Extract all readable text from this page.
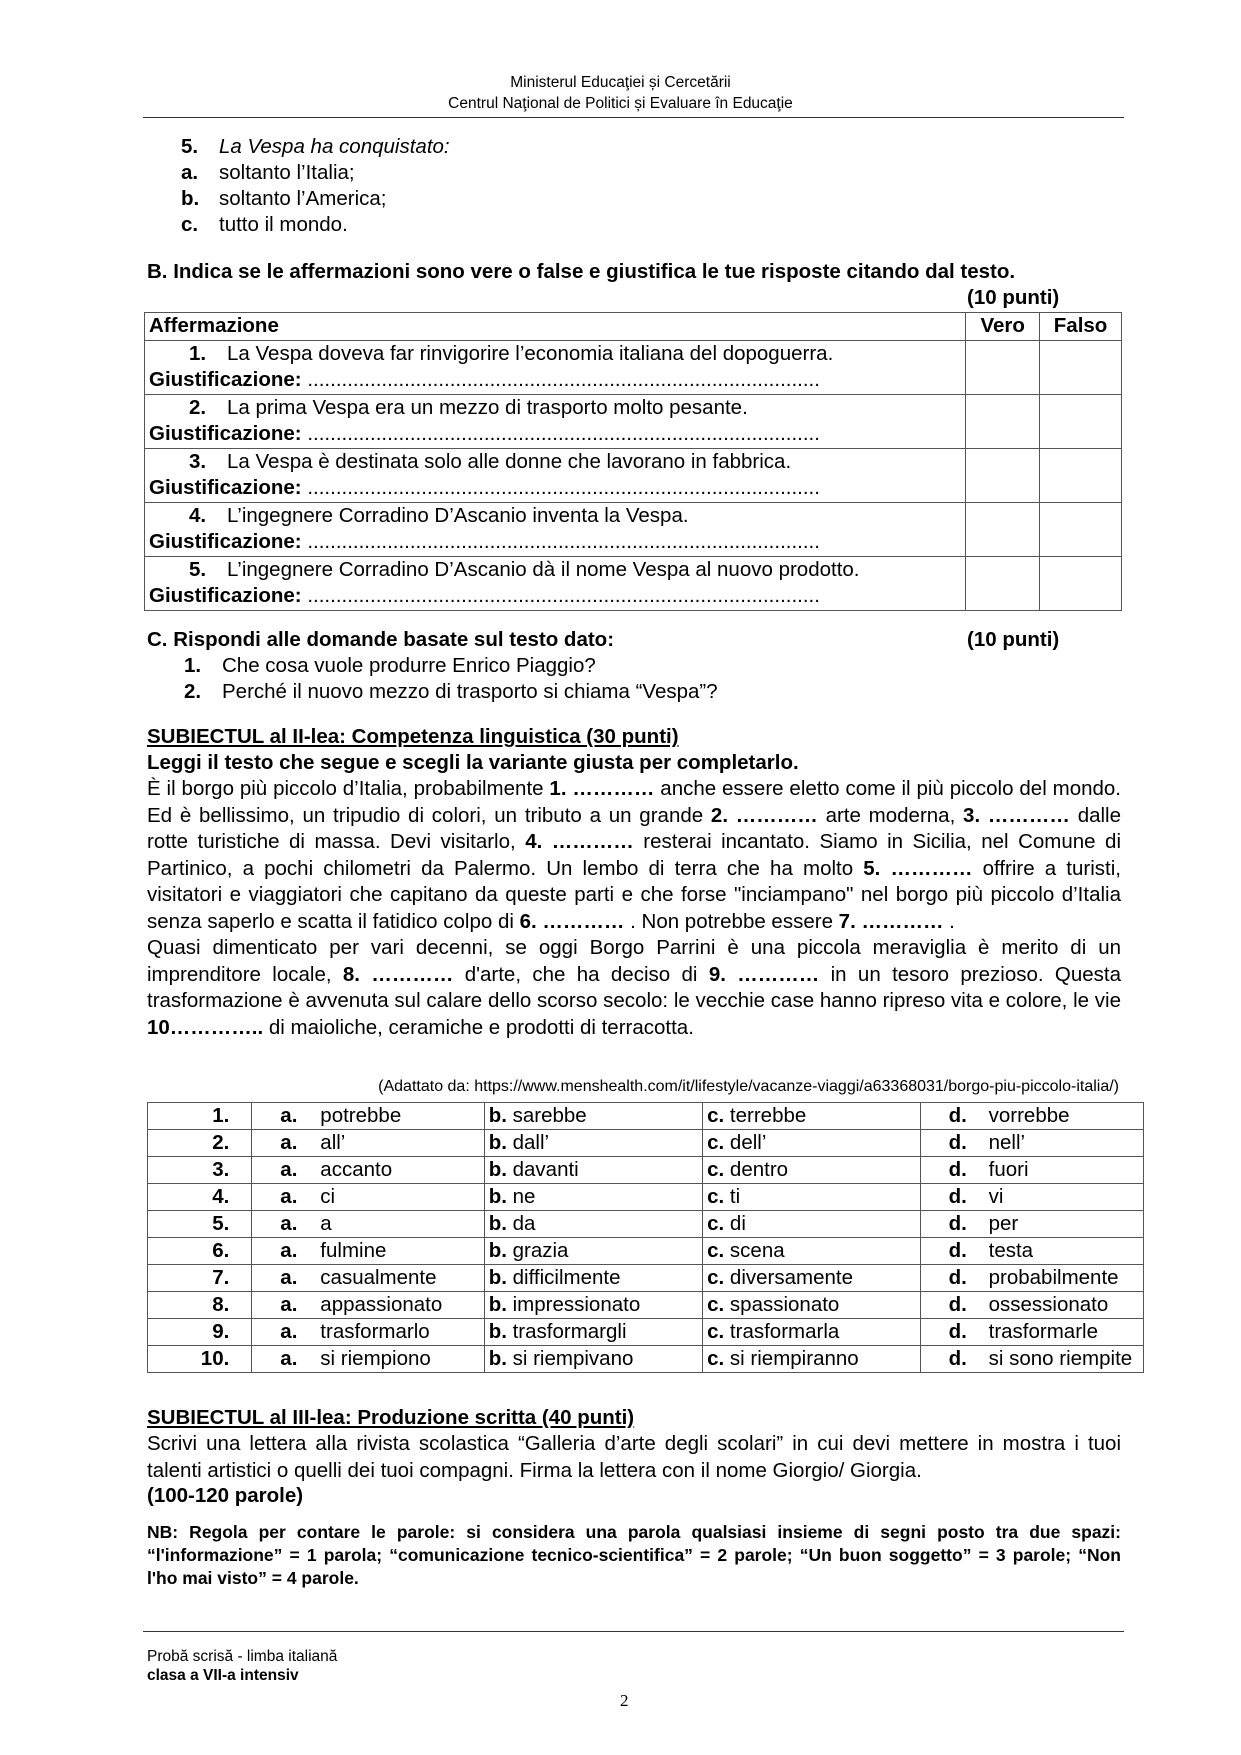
Ministerul Educaţiei și Cercetării
Centrul Naţional de Politici și Evaluare în Educaţie
5. La Vespa ha conquistato:
a. soltanto l’Italia;
b. soltanto l’America;
c. tutto il mondo.
B. Indica se le affermazioni sono vere o false e giustifica le tue risposte citando dal testo.
(10 punti)
Affermazione	Vero	Falso

1. La Vespa doveva far rinvigorire l’economia italiana del dopoguerra.
Giustificazione: ..........................................................................................		

2. La prima Vespa era un mezzo di trasporto molto pesante.
Giustificazione: ..........................................................................................		

3. La Vespa è destinata solo alle donne che lavorano in fabbrica.
Giustificazione: ..........................................................................................		

4. L’ingegnere Corradino D’Ascanio inventa la Vespa.
Giustificazione: ..........................................................................................		

5. L’ingegnere Corradino D’Ascanio dà il nome Vespa al nuovo prodotto.
Giustificazione: ..........................................................................................		

C. Rispondi alle domande basate sul testo dato:	(10 punti)
1. Che cosa vuole produrre Enrico Piaggio?
2. Perché il nuovo mezzo di trasporto si chiama “Vespa”?
SUBIECTUL al II-lea: Competenza linguistica (30 punti)
Leggi il testo che segue e scegli la variante giusta per completarlo.

È il borgo più piccolo d’Italia, probabilmente 1. ………… anche essere eletto come il più piccolo del mondo. Ed è bellissimo, un tripudio di colori, un tributo a un grande 2. ………… arte moderna, 3. ………… dalle rotte turistiche di massa. Devi visitarlo, 4. ………… resterai incantato. Siamo in Sicilia, nel Comune di Partinico, a pochi chilometri da Palermo. Un lembo di terra che ha molto 5. ………… offrire a turisti, visitatori e viaggiatori che capitano da queste parti e che forse "inciampano" nel borgo più piccolo d’Italia senza saperlo e scatta il fatidico colpo di 6. ………… . Non potrebbe essere 7. ………… .

Quasi dimenticato per vari decenni, se oggi Borgo Parrini è una piccola meraviglia è merito di un imprenditore locale, 8. ………… d'arte, che ha deciso di 9. ………… in un tesoro prezioso. Questa trasformazione è avvenuta sul calare dello scorso secolo: le vecchie case hanno ripreso vita e colore, le vie 10………….. di maioliche, ceramiche e prodotti di terracotta.

(Adattato da: https://www.menshealth.com/it/lifestyle/vacanze-viaggi/a63368031/borgo-piu-piccolo-italia/)
1.	a. potrebbe	b. sarebbe	c. terrebbe	d. vorrebbe
2.	a. all’	b. dall’	c. dell’	d. nell’
3.	a. accanto	b. davanti	c. dentro	d. fuori
4.	a. ci	b. ne	c. ti	d. vi
5.	a. a	b. da	c. di	d. per
6.	a. fulmine	b. grazia	c. scena	d. testa
7.	a. casualmente	b. difficilmente	c. diversamente	d. probabilmente
8.	a. appassionato	b. impressionato	c. spassionato	d. ossessionato
9.	a. trasformarlo	b. trasformargli	c. trasformarla	d. trasformarle
10.	a. si riempiono	b. si riempivano	c. si riempiranno	d. si sono riempite
SUBIECTUL al III-lea: Produzione scritta (40 punti)
Scrivi una lettera alla rivista scolastica “Galleria d’arte degli scolari” in cui devi mettere in mostra i tuoi talenti artistici o quelli dei tuoi compagni. Firma la lettera con il nome Giorgio/ Giorgia.
(100-120 parole)
NB: Regola per contare le parole: si considera una parola qualsiasi insieme di segni posto tra due spazi: “l'informazione” = 1 parola; “comunicazione tecnico-scientifica” = 2 parole; “Un buon soggetto” = 3 parole; “Non l'ho mai visto” = 4 parole.
Probă scrisă - limba italiană
clasa a VII-a intensiv
2
